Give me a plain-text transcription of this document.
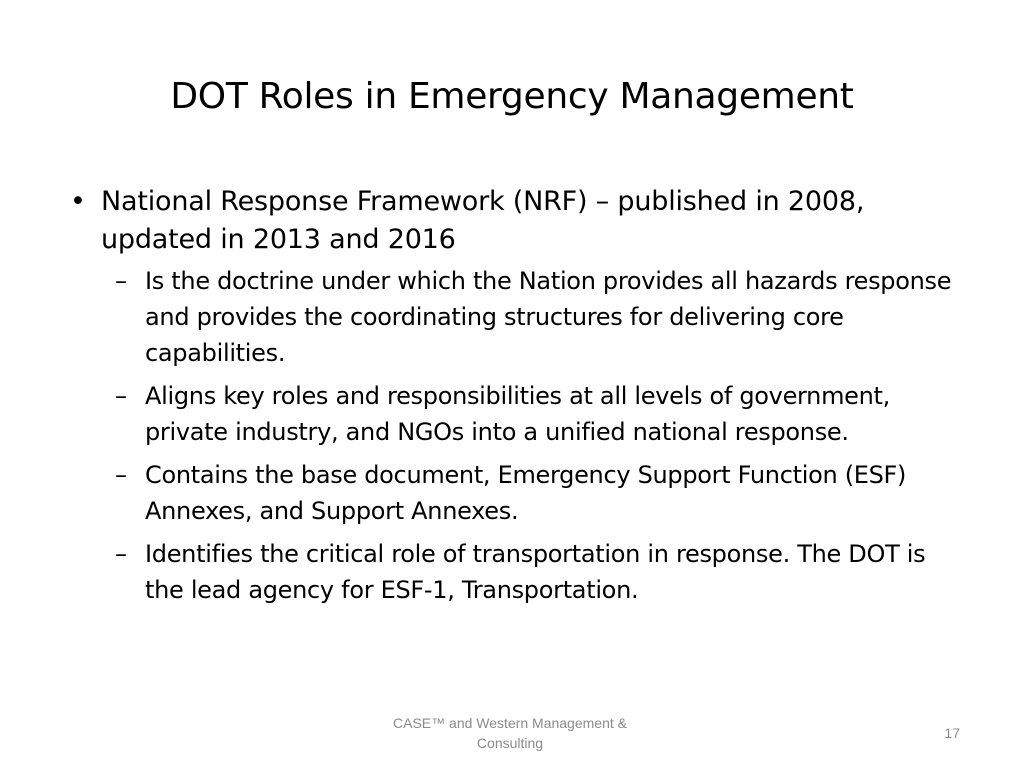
DOT Roles in Emergency Management
• National Response Framework (NRF) – published in 2008, updated in 2013 and 2016
– Is the doctrine under which the Nation provides all hazards response and provides the coordinating structures for delivering core capabilities.
– Aligns key roles and responsibilities at all levels of government, private industry, and NGOs into a unified national response.
– Contains the base document, Emergency Support Function (ESF) Annexes, and Support Annexes.
– Identifies the critical role of transportation in response. The DOT is the lead agency for ESF-1, Transportation.
CASE™ and Western Management & Consulting
17
